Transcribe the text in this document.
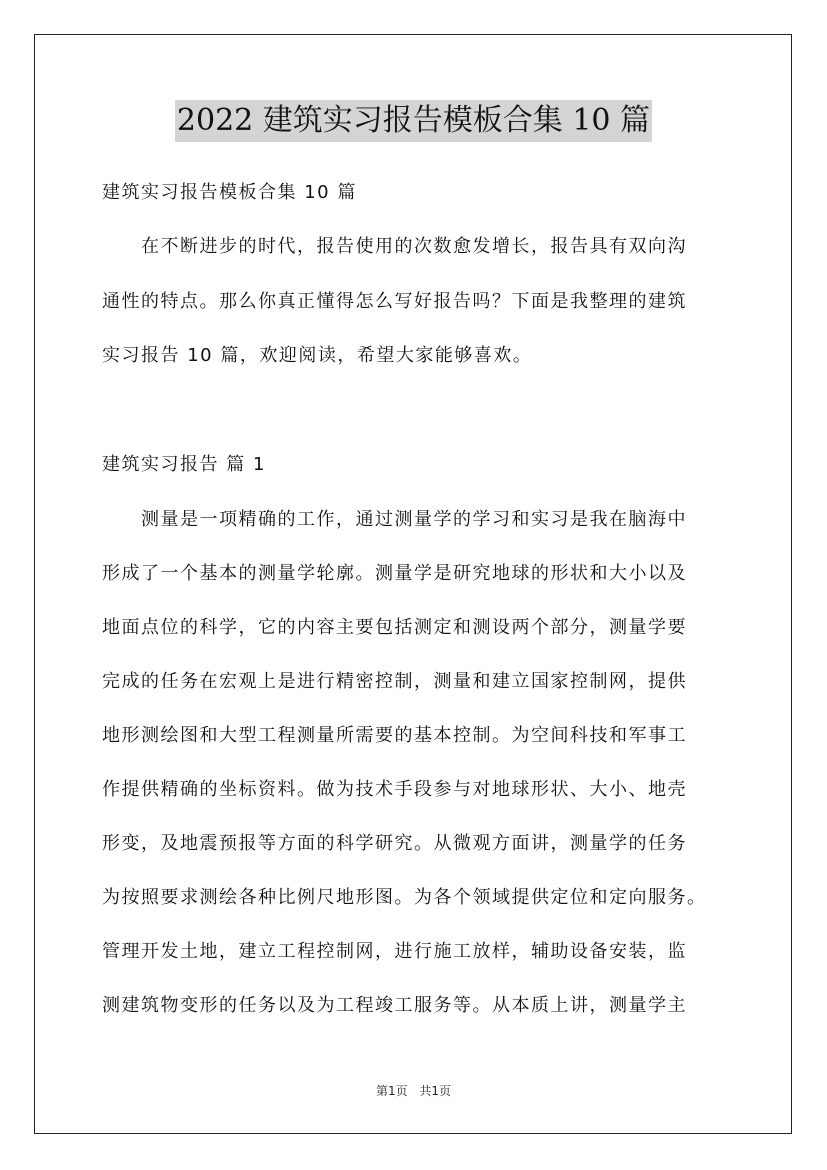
2022 建筑实习报告模板合集 10 篇
建筑实习报告模板合集 10 篇
　　在不断进步的时代，报告使用的次数愈发增长，报告具有双向沟
通性的特点。那么你真正懂得怎么写好报告吗？下面是我整理的建筑
实习报告 10 篇，欢迎阅读，希望大家能够喜欢。
建筑实习报告 篇 1
　　测量是一项精确的工作，通过测量学的学习和实习是我在脑海中
形成了一个基本的测量学轮廓。测量学是研究地球的形状和大小以及
地面点位的科学，它的内容主要包括测定和测设两个部分，测量学要
完成的任务在宏观上是进行精密控制，测量和建立国家控制网，提供
地形测绘图和大型工程测量所需要的基本控制。为空间科技和军事工
作提供精确的坐标资料。做为技术手段参与对地球形状、大小、地壳
形变，及地震预报等方面的科学研究。从微观方面讲，测量学的任务
为按照要求测绘各种比例尺地形图。为各个领域提供定位和定向服务。
管理开发土地，建立工程控制网，进行施工放样，辅助设备安装，监
测建筑物变形的任务以及为工程竣工服务等。从本质上讲，测量学主
第1页 共1页
